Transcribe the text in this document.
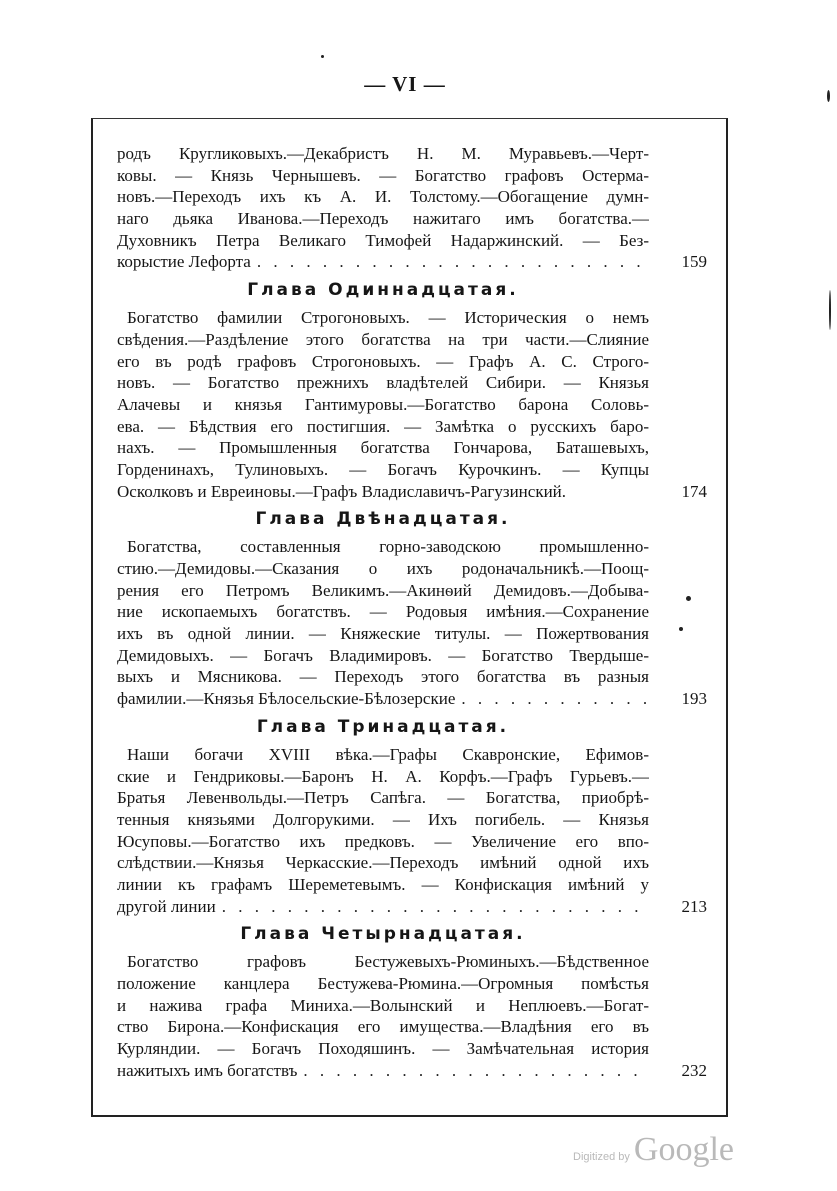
— VI —
родъ Кругликовыхъ.—Декабристъ Н. М. Муравьевъ.—Черт-
ковы. — Князь Чернышевъ. — Богатство графовъ Остерма-
новъ.—Переходъ ихъ къ А. И. Толстому.—Обогащение думн-
наго дьяка Иванова.—Переходъ нажитаго имъ богатства.—
Духовникъ Петра Великаго Тимофей Надаржинский. — Без-
корыстие Лефорта . . .	159
Глава Одиннадцатая.
Богатство фамилии Строгоновыхъ. — Историческия о немъ
свѣдения.—Раздѣление этого богатства на три части.—Слияние
его въ родѣ графовъ Строгоновыхъ. — Графъ А. С. Строго-
новъ. — Богатство прежнихъ владѣтелей Сибири. — Князья
Алачевы и князья Гантимуровы.—Богатство барона Соловь-
ева. — Бѣдствия его постигшия. — Замѣтка о русскихъ баро-
нахъ. — Промышленныя богатства Гончарова, Баташевыхъ,
Горденинахъ, Тулиновыхъ. — Богачъ Курочкинъ. — Купцы
Осколковъ и Евреиновы.—Графъ Владиславичъ-Рагузинский.	174
Глава Двѣнадцатая.
Богатства, составленныя горно-заводскою промышленно-
стию.—Демидовы.—Сказания о ихъ родоначальникѣ.—Поощ-
рения его Петромъ Великимъ.—Акинѳий Демидовъ.—Добыва-
ние ископаемыхъ богатствъ. — Родовыя имѣния.—Сохранение
ихъ въ одной линии. — Княжеские титулы. — Пожертвования
Демидовыхъ. — Богачъ Владимировъ. — Богатство Твердыше-
выхъ и Мясникова. — Переходъ этого богатства въ разныя
фамилии.—Князья Бѣлосельские-Бѣлозерские . . .	193
Глава Тринадцатая.
Наши богачи XVIII вѣка.—Графы Скавронские, Ефимов-
ские и Гендриковы.—Баронъ Н. А. Корфъ.—Графъ Гурьевъ.—
Братья Левенвольды.—Петръ Сапѣга. — Богатства, приобрѣ-
тенныя князьями Долгорукими. — Ихъ погибель. — Князья
Юсуповы.—Богатство ихъ предковъ. — Увеличение его впо-
слѣдствии.—Князья Черкасские.—Переходъ имѣний одной ихъ
линии къ графамъ Шереметевымъ. — Конфискация имѣний у
другой линии . . .	213
Глава Четырнадцатая.
Богатство графовъ Бестужевыхъ-Рюминыхъ.—Бѣдственное
положение канцлера Бестужева-Рюмина.—Огромныя помѣстья
и нажива графа Миниха.—Волынский и Неплюевъ.—Богат-
ство Бирона.—Конфискация его имущества.—Владѣния его въ
Курляндии. — Богачъ Походяшинъ. — Замѣчательная история
нажитыхъ имъ богатствъ . . .	232
Digitized by Google
